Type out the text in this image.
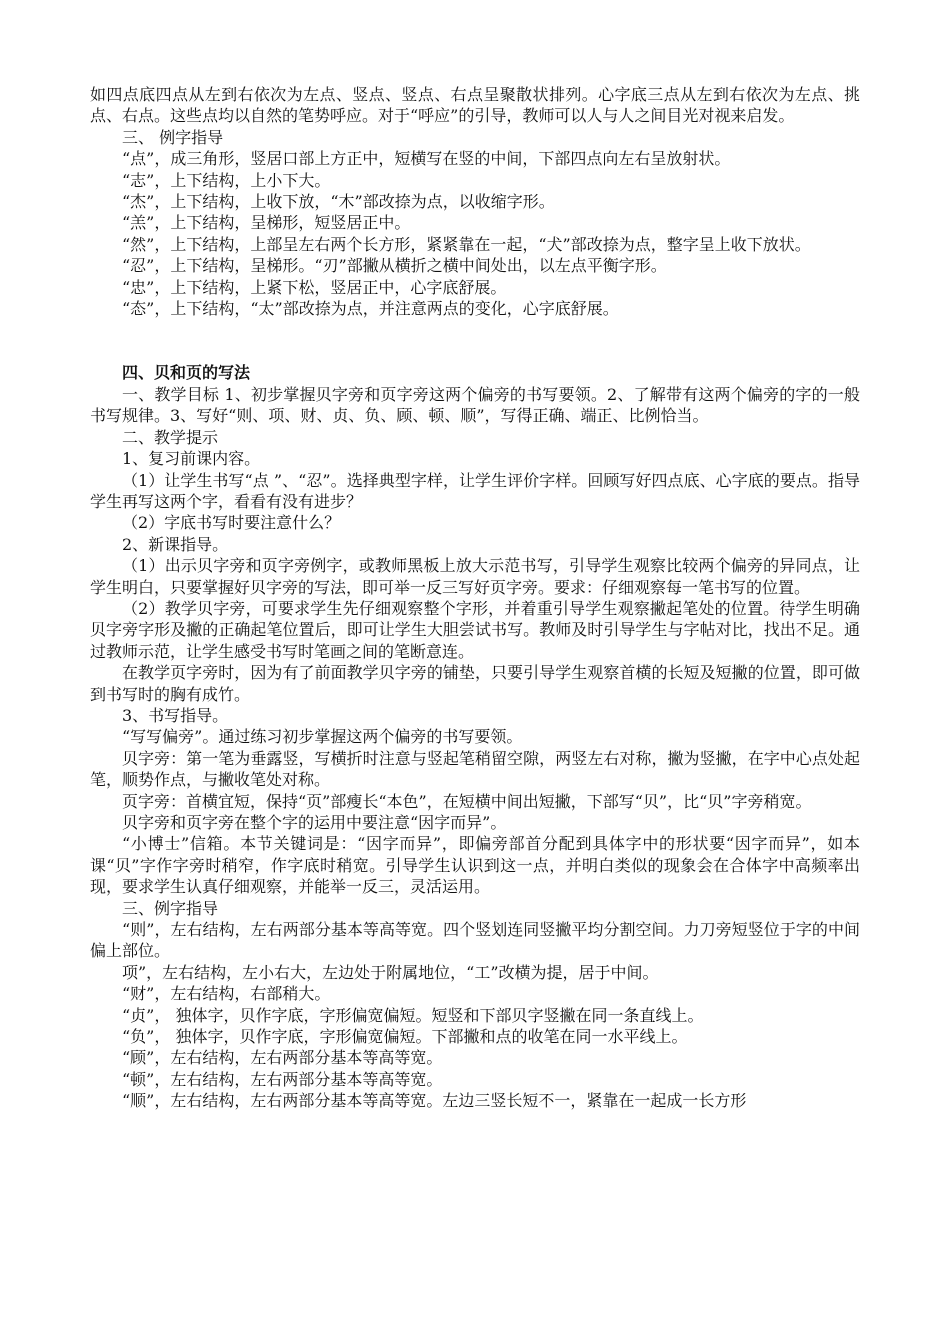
如四点底四点从左到右依次为左点、竖点、竖点、右点呈聚散状排列。心字底三点从左到右依次为左点、挑点、右点。这些点均以自然的笔势呼应。对于“呼应”的引导，教师可以人与人之间目光对视来启发。

三、 例字指导

“点”，成三角形，竖居口部上方正中，短横写在竖的中间，下部四点向左右呈放射状。

“志”，上下结构，上小下大。

“杰”，上下结构，上收下放，“木”部改捺为点，以收缩字形。

“羔”，上下结构，呈梯形，短竖居正中。

“然”，上下结构，上部呈左右两个长方形，紧紧靠在一起，“犬”部改捺为点，整字呈上收下放状。

“忍”，上下结构，呈梯形。“刃”部撇从横折之横中间处出，以左点平衡字形。

“忠”，上下结构，上紧下松，竖居正中，心字底舒展。

“态”，上下结构，“太”部改捺为点，并注意两点的变化，心字底舒展。

四、贝和页的写法

一、教学目标 1、初步掌握贝字旁和页字旁这两个偏旁的书写要领。2、了解带有这两个偏旁的字的一般书写规律。3、写好“则、项、财、贞、负、顾、顿、顺”，写得正确、端正、比例恰当。

二、教学提示

1、复习前课内容。

（1）让学生书写“点 ”、“忍”。选择典型字样，让学生评价字样。回顾写好四点底、心字底的要点。指导学生再写这两个字，看看有没有进步？

（2）字底书写时要注意什么？

2、新课指导。

（1）出示贝字旁和页字旁例字，或教师黑板上放大示范书写，引导学生观察比较两个偏旁的异同点，让学生明白，只要掌握好贝字旁的写法，即可举一反三写好页字旁。要求：仔细观察每一笔书写的位置。

（2）教学贝字旁，可要求学生先仔细观察整个字形，并着重引导学生观察撇起笔处的位置。待学生明确贝字旁字形及撇的正确起笔位置后，即可让学生大胆尝试书写。教师及时引导学生与字帖对比，找出不足。通过教师示范，让学生感受书写时笔画之间的笔断意连。

在教学页字旁时，因为有了前面教学贝字旁的铺垫，只要引导学生观察首横的长短及短撇的位置，即可做到书写时的胸有成竹。

3、书写指导。

“写写偏旁”。通过练习初步掌握这两个偏旁的书写要领。

贝字旁：第一笔为垂露竖，写横折时注意与竖起笔稍留空隙，两竖左右对称，撇为竖撇，在字中心点处起笔，顺势作点，与撇收笔处对称。

页字旁：首横宜短，保持“页”部瘦长“本色”，在短横中间出短撇，下部写“贝”，比“贝”字旁稍宽。

贝字旁和页字旁在整个字的运用中要注意“因字而异”。

“小博士”信箱。本节关键词是：“因字而异”，即偏旁部首分配到具体字中的形状要“因字而异”，如本课“贝”字作字旁时稍窄，作字底时稍宽。引导学生认识到这一点，并明白类似的现象会在合体字中高频率出现，要求学生认真仔细观察，并能举一反三，灵活运用。

三、例字指导

“则”，左右结构，左右两部分基本等高等宽。四个竖划连同竖撇平均分割空间。力刀旁短竖位于字的中间偏上部位。

项”，左右结构，左小右大，左边处于附属地位，“工”改横为提，居于中间。

“财”，左右结构，右部稍大。

“贞”， 独体字，贝作字底，字形偏宽偏短。短竖和下部贝字竖撇在同一条直线上。

“负”， 独体字，贝作字底，字形偏宽偏短。下部撇和点的收笔在同一水平线上。

“顾”，左右结构，左右两部分基本等高等宽。

“顿”，左右结构，左右两部分基本等高等宽。

“顺”，左右结构，左右两部分基本等高等宽。左边三竖长短不一，紧靠在一起成一长方形
